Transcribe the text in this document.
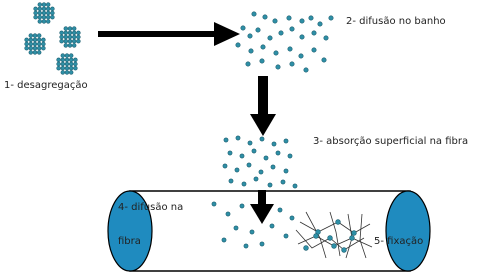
1- desagregação
2- difusão no banho
3- absorção superficial na fibra
4- difusão na
fibra	5- fixação
